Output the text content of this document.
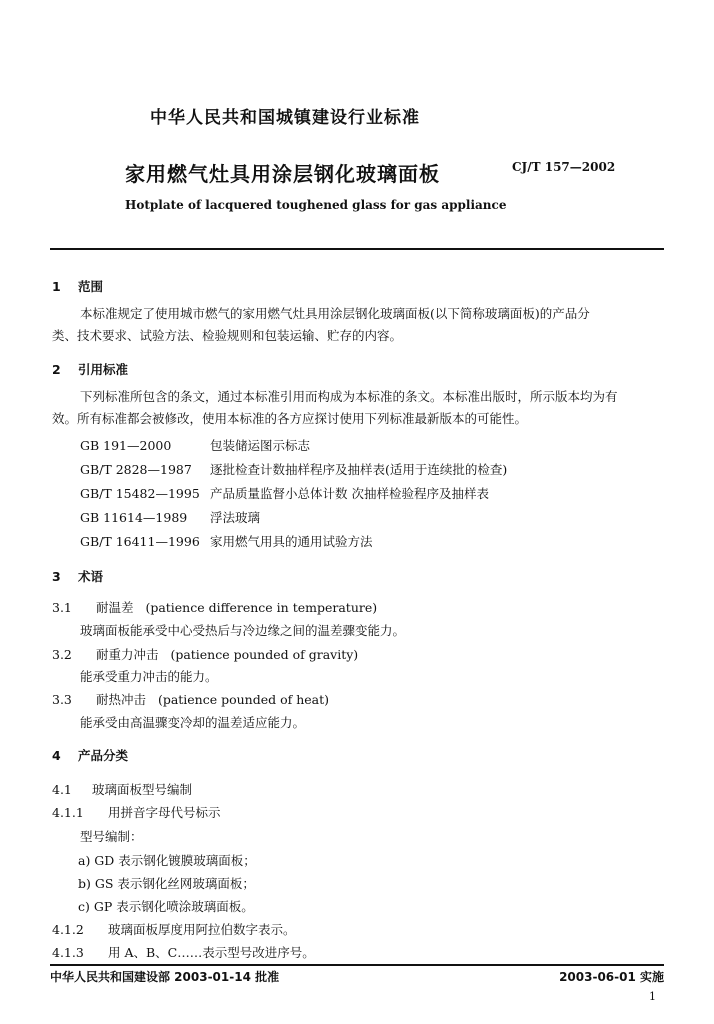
中华人民共和国城镇建设行业标准
家用燃气灶具用涂层钢化玻璃面板	CJ/T 157—2002
Hotplate of lacquered toughened glass for gas appliance
1 范围
本标准规定了使用城市燃气的家用燃气灶具用涂层钢化玻璃面板(以下简称玻璃面板)的产品分
类、技术要求、试验方法、检验规则和包装运输、贮存的内容。
2 引用标准
下列标准所包含的条文，通过本标准引用而构成为本标准的条文。本标准出版时，所示版本均为有
效。所有标准都会被修改，使用本标准的各方应探讨使用下列标准最新版本的可能性。
GB 191—2000	包装储运图示标志
GB/T 2828—1987 逐批检查计数抽样程序及抽样表(适用于连续批的检查)
GB/T 15482—1995 产品质量监督小总体计数 次抽样检验程序及抽样表
GB 11614—1989 浮法玻璃
GB/T 16411—1996 家用燃气用具的通用试验方法
3 术语
3.1 耐温差 (patience difference in temperature)
玻璃面板能承受中心受热后与冷边缘之间的温差骤变能力。
3.2 耐重力冲击 (patience pounded of gravity)
能承受重力冲击的能力。
3.3 耐热冲击 (patience pounded of heat)
能承受由高温骤变冷却的温差适应能力。
4 产品分类
4.1 玻璃面板型号编制
4.1.1 用拼音字母代号标示
型号编制：
a) GD 表示钢化镀膜玻璃面板；
b) GS 表示钢化丝网玻璃面板；
c) GP 表示钢化喷涂玻璃面板。
4.1.2 玻璃面板厚度用阿拉伯数字表示。
4.1.3 用 A、B、C……表示型号改进序号。
中华人民共和国建设部 2003-01-14 批准	2003-06-01 实施
1
